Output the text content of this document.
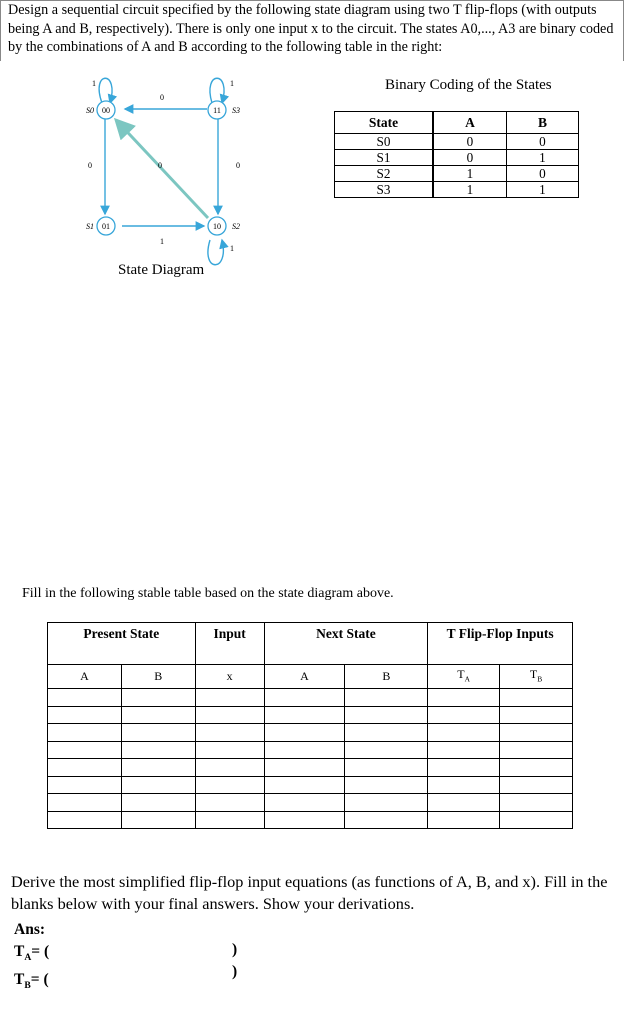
Design a sequential circuit specified by the following state diagram using two T flip-flops (with outputs being A and B, respectively). There is only one input x to the circuit. The states A0,..., A3 are binary coded by the combinations of A and B according to the following table in the right:
00
S0	11 S3
01
S1	10 S2
1
0
1
0	0	0
1
1
State Diagram
Binary Coding of the States
State	A	B
S0	0	0
S1	0	1
S2	1	0
S3	1	1
Fill in the following stable table based on the state diagram above.
Present State		Input	Next State		T Flip-Flop Inputs	
A	B	x	A	B	$T_A$	$T_B$

Derive the most simplified flip-flop input equations (as functions of A, B, and x). Fill in the blanks below with your final answers. Show your derivations.
Ans:
$T_A=$ (
$T_B=$ (
)
)
